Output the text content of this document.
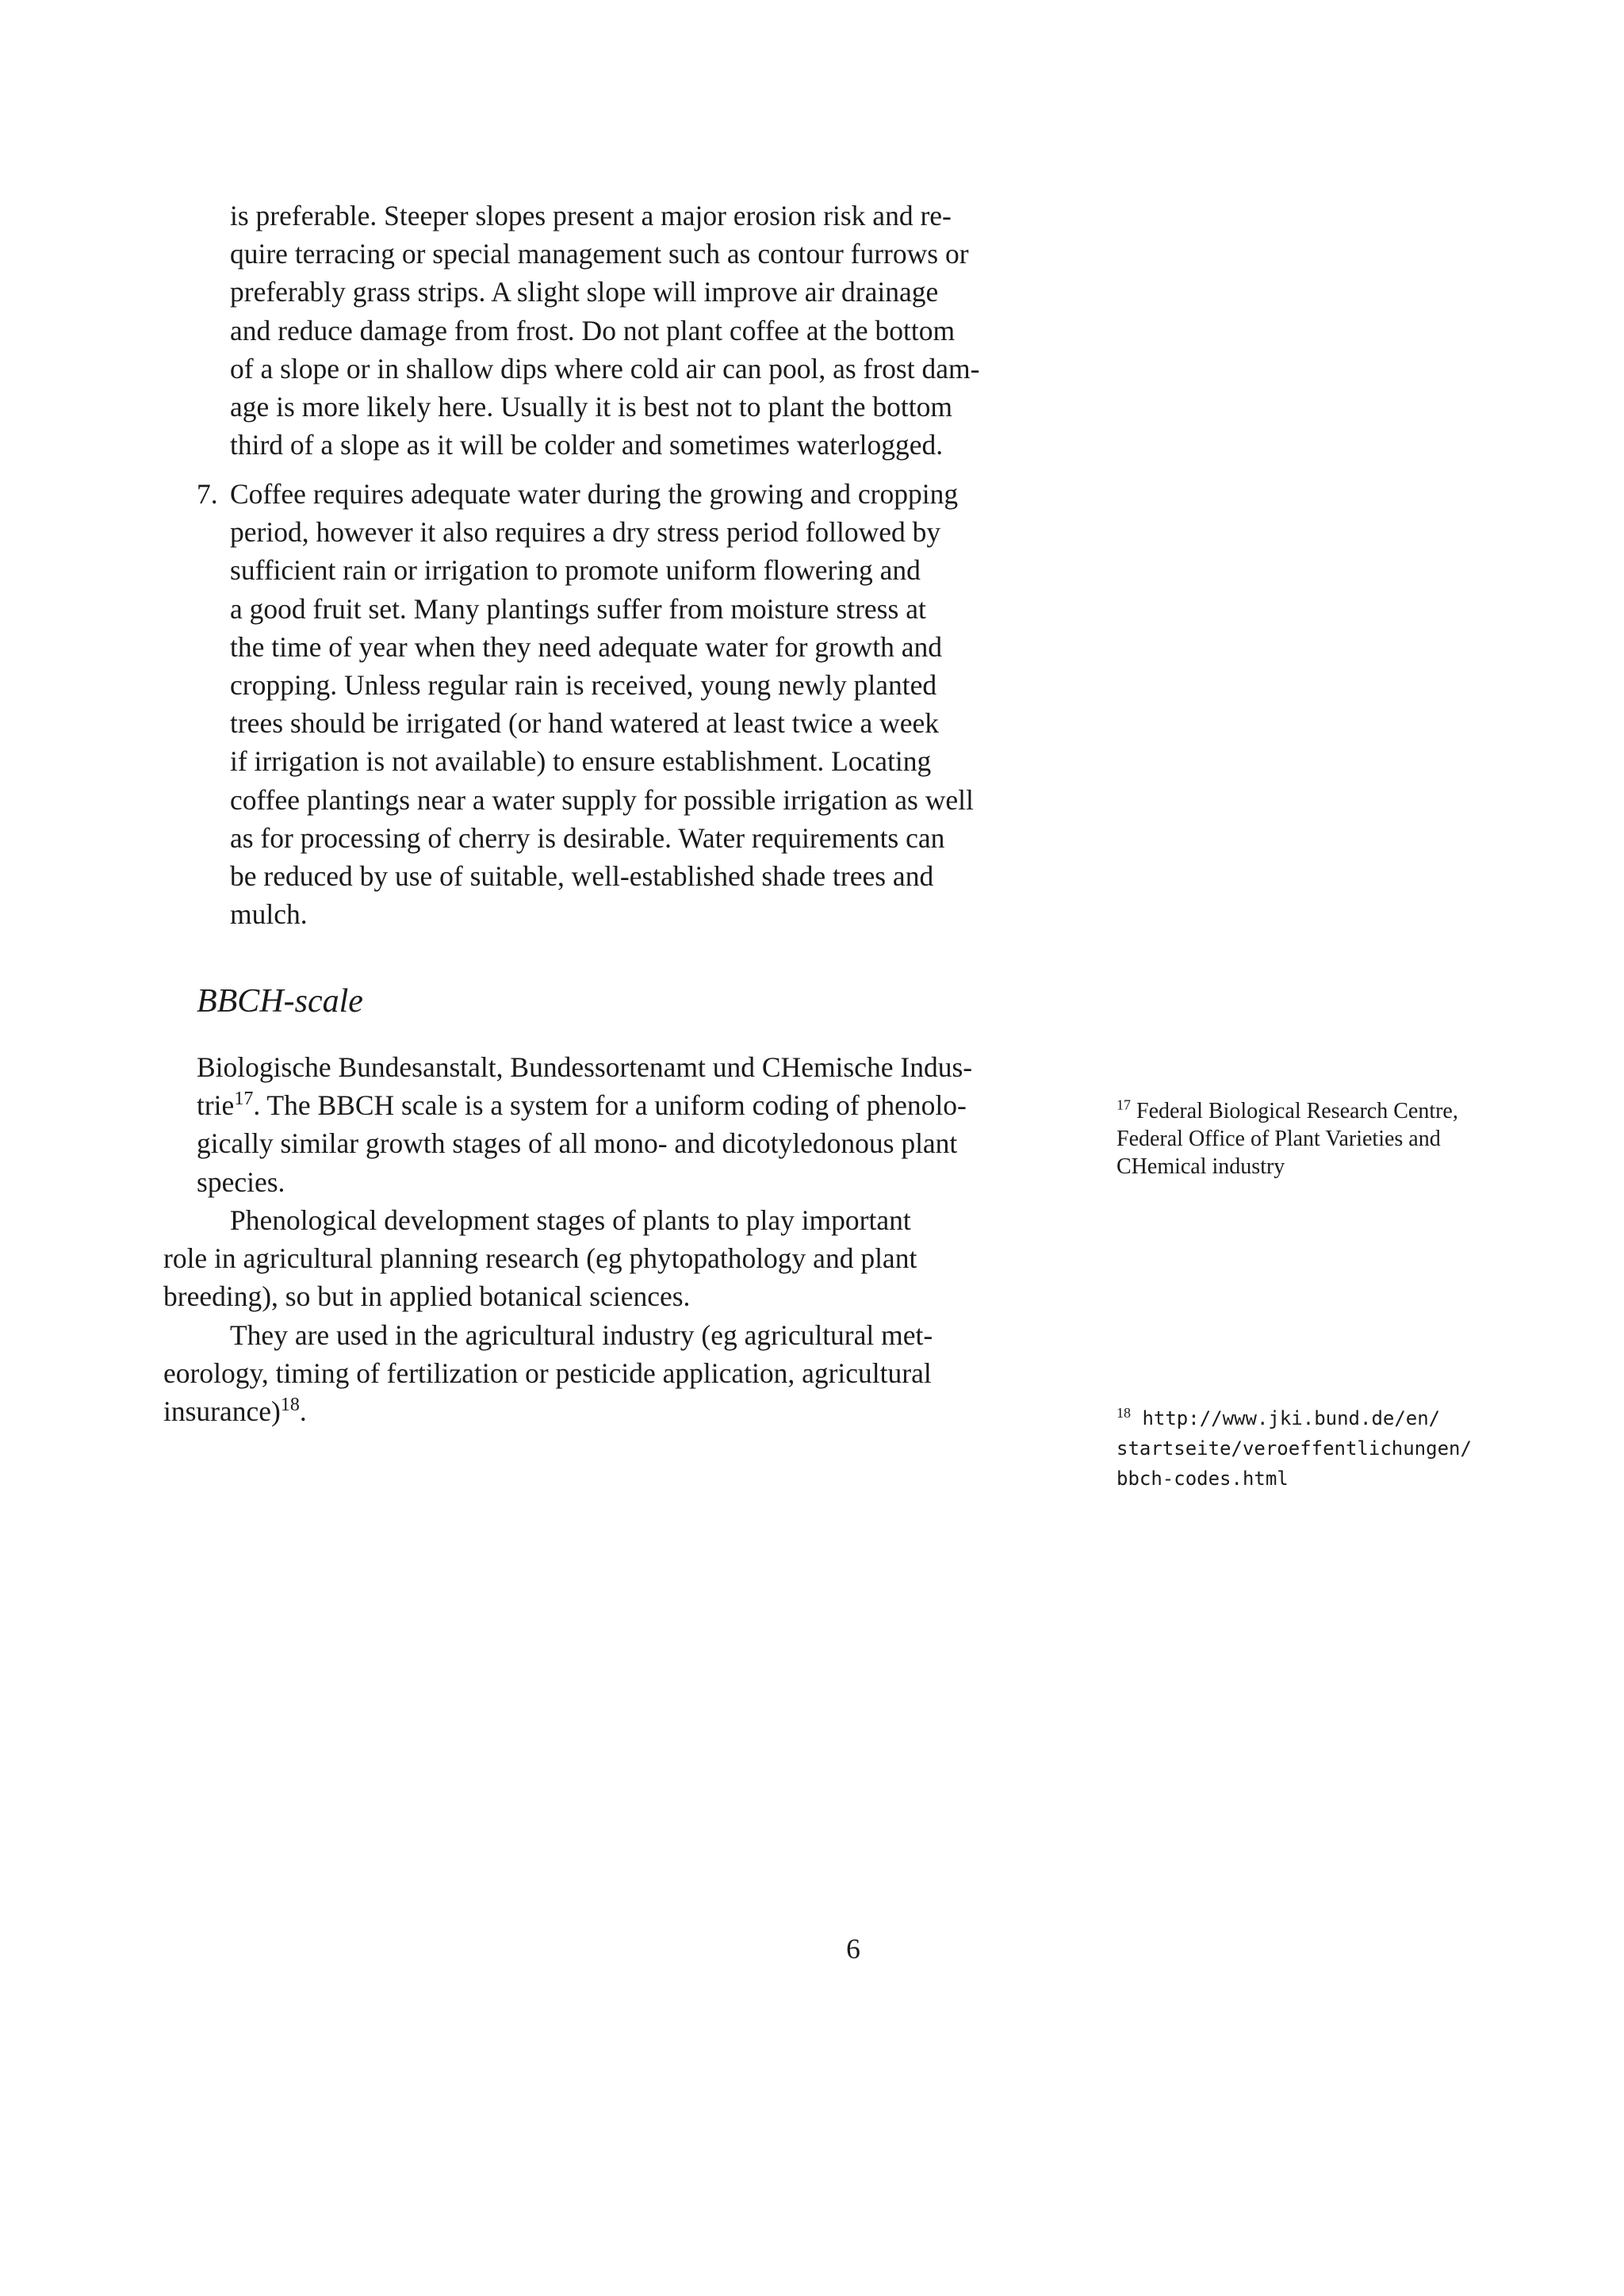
is preferable. Steeper slopes present a major erosion risk and re-
quire terracing or special management such as contour furrows or
preferably grass strips. A slight slope will improve air drainage
and reduce damage from frost. Do not plant coffee at the bottom
of a slope or in shallow dips where cold air can pool, as frost dam-
age is more likely here. Usually it is best not to plant the bottom
third of a slope as it will be colder and sometimes waterlogged.
7. Coffee requires adequate water during the growing and cropping
period, however it also requires a dry stress period followed by
sufficient rain or irrigation to promote uniform flowering and
a good fruit set. Many plantings suffer from moisture stress at
the time of year when they need adequate water for growth and
cropping. Unless regular rain is received, young newly planted
trees should be irrigated (or hand watered at least twice a week
if irrigation is not available) to ensure establishment. Locating
coffee plantings near a water supply for possible irrigation as well
as for processing of cherry is desirable. Water requirements can
be reduced by use of suitable, well-established shade trees and
mulch.
BBCH-scale
Biologische Bundesanstalt, Bundessortenamt und CHemische Indus-
trie$^{17}$. The BBCH scale is a system for a uniform coding of phenolo-
gically similar growth stages of all mono- and dicotyledonous plant
species.
Phenological development stages of plants to play important
role in agricultural planning research (eg phytopathology and plant
breeding), so but in applied botanical sciences.
They are used in the agricultural industry (eg agricultural met-
eorology, timing of fertilization or pesticide application, agricultural
insurance)$^{18}$.
$^{17}$ Federal Biological Research Centre,
Federal Office of Plant Varieties and
CHemical industry
$^{18}$ http://www.jki.bund.de/en/
startseite/veroeffentlichungen/
bbch-codes.html
6
